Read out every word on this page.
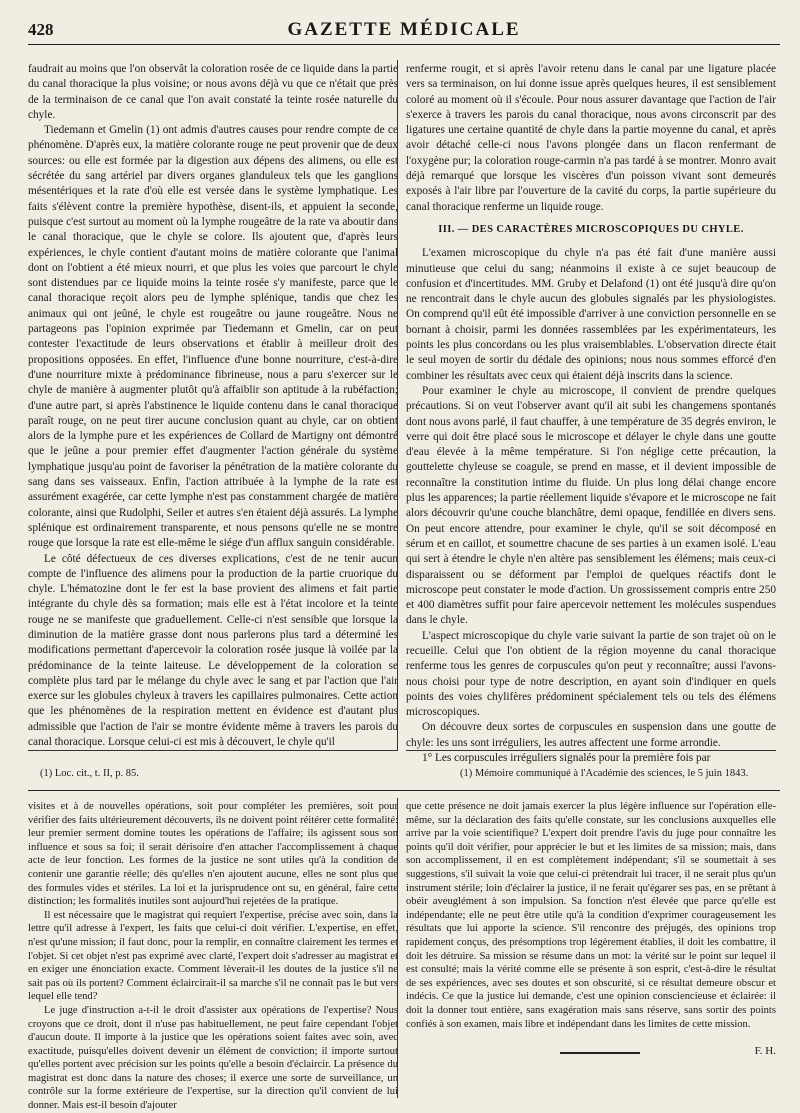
428	GAZETTE MÉDICALE

faudrait au moins que l'on observât la coloration rosée de ce liquide dans la partie du canal thoracique la plus voisine; or nous avons déjà vu que ce n'était que près de la terminaison de ce canal que l'on avait constaté la teinte rosée naturelle du chyle.

Tiedemann et Gmelin (1) ont admis d'autres causes pour rendre compte de ce phénomène. D'après eux, la matière colorante rouge ne peut provenir que de deux sources: ou elle est formée par la digestion aux dépens des alimens, ou elle est sécrétée du sang artériel par divers organes glanduleux tels que les ganglions mésentériques et la rate d'où elle est versée dans le système lymphatique. Les faits s'élèvent contre la première hypothèse, disent-ils, et appuient la seconde, puisque c'est surtout au moment où la lymphe rougeâtre de la rate va aboutir dans le canal thoracique, que le chyle se colore. Ils ajoutent que, d'après leurs expériences, le chyle contient d'autant moins de matière colorante que l'animal dont on l'obtient a été mieux nourri, et que plus les voies que parcourt le chyle sont distendues par ce liquide moins la teinte rosée s'y manifeste, parce que le canal thoracique reçoit alors peu de lymphe splénique, tandis que chez les animaux qui ont jeûné, le chyle est rougeâtre ou jaune rougeâtre. Nous ne partageons pas l'opinion exprimée par Tiedemann et Gmelin, car on peut contester l'exactitude de leurs observations et établir à meilleur droit des propositions opposées. En effet, l'influence d'une bonne nourriture, c'est-à-dire d'une nourriture mixte à prédominance fibrineuse, nous a paru s'exercer sur le chyle de manière à augmenter plutôt qu'à affaiblir son aptitude à la rubéfaction; d'une autre part, si après l'abstinence le liquide contenu dans le canal thoracique paraît rouge, on ne peut tirer aucune conclusion quant au chyle, car on obtient alors de la lymphe pure et les expériences de Collard de Martigny ont démontré que le jeûne a pour premier effet d'augmenter l'action générale du système lymphatique jusqu'au point de favoriser la pénétration de la matière colorante du sang dans ses vaisseaux. Enfin, l'action attribuée à la lymphe de la rate est assurément exagérée, car cette lymphe n'est pas constamment chargée de matière colorante, ainsi que Rudolphi, Seiler et autres s'en étaient déjà assurés. La lymphe splénique est ordinairement transparente, et nous pensons qu'elle ne se montre rouge que lorsque la rate est elle-même le siége d'un afflux sanguin considérable.

Le côté défectueux de ces diverses explications, c'est de ne tenir aucun compte de l'influence des alimens pour la production de la partie cruorique du chyle. L'hématozine dont le fer est la base provient des alimens et fait partie intégrante du chyle dès sa formation; mais elle est à l'état incolore et la teinte rouge ne se manifeste que graduellement. Celle-ci n'est sensible que lorsque la diminution de la matière grasse dont nous parlerons plus tard a déterminé les modifications permettant d'apercevoir la coloration rosée jusque là voilée par la prédominance de la teinte laiteuse. Le développement de la coloration se complète plus tard par le mélange du chyle avec le sang et par l'action que l'air exerce sur les globules chyleux à travers les capillaires pulmonaires. Cette action que les phénomènes de la respiration mettent en évidence est d'autant plus admissible que l'action de l'air se montre évidente même à travers les parois du canal thoracique. Lorsque celui-ci est mis à découvert, le chyle qu'il

renferme rougit, et si après l'avoir retenu dans le canal par une ligature placée vers sa terminaison, on lui donne issue après quelques heures, il est sensiblement coloré au moment où il s'écoule. Pour nous assurer davantage que l'action de l'air s'exerce à travers les parois du canal thoracique, nous avons circonscrit par des ligatures une certaine quantité de chyle dans la partie moyenne du canal, et après avoir détaché celle-ci nous l'avons plongée dans un flacon renfermant de l'oxygène pur; la coloration rouge-carmin n'a pas tardé à se montrer. Monro avait déjà remarqué que lorsque les viscères d'un poisson vivant sont demeurés exposés à l'air libre par l'ouverture de la cavité du corps, la partie supérieure du canal thoracique renferme un liquide rouge.

III. — DES CARACTÈRES MICROSCOPIQUES DU CHYLE.

L'examen microscopique du chyle n'a pas été fait d'une manière aussi minutieuse que celui du sang; néanmoins il existe à ce sujet beaucoup de confusion et d'incertitudes. MM. Gruby et Delafond (1) ont été jusqu'à dire qu'on ne rencontrait dans le chyle aucun des globules signalés par les physiologistes. On comprend qu'il eût été impossible d'arriver à une conviction personnelle en se bornant à choisir, parmi les données rassemblées par les expérimentateurs, les points les plus concordans ou les plus vraisemblables. L'observation directe était le seul moyen de sortir du dédale des opinions; nous nous sommes efforcé d'en combiner les résultats avec ceux qui étaient déjà inscrits dans la science.

Pour examiner le chyle au microscope, il convient de prendre quelques précautions. Si on veut l'observer avant qu'il ait subi les changemens spontanés dont nous avons parlé, il faut chauffer, à une température de 35 degrés environ, le verre qui doit être placé sous le microscope et délayer le chyle dans une goutte d'eau élevée à la même température. Si l'on néglige cette précaution, la gouttelette chyleuse se coagule, se prend en masse, et il devient impossible de reconnaître la constitution intime du fluide. Un plus long délai change encore plus les apparences; la partie réellement liquide s'évapore et le microscope ne fait alors découvrir qu'une couche blanchâtre, demi opaque, fendillée en divers sens. On peut encore attendre, pour examiner le chyle, qu'il se soit décomposé en sérum et en caillot, et soumettre chacune de ses parties à un examen isolé. L'eau qui sert à étendre le chyle n'en altère pas sensiblement les élémens; mais ceux-ci disparaissent ou se déforment par l'emploi de quelques réactifs dont le microscope peut constater le mode d'action. Un grossissement compris entre 250 et 400 diamètres suffit pour faire apercevoir nettement les molécules suspendues dans le chyle.

L'aspect microscopique du chyle varie suivant la partie de son trajet où on le recueille. Celui que l'on obtient de la région moyenne du canal thoracique renferme tous les genres de corpuscules qu'on peut y reconnaître; aussi l'avons-nous choisi pour type de notre description, en ayant soin d'indiquer en quels points des voies chylifères prédominent spécialement tels ou tels des élémens microscopiques.

On découvre deux sortes de corpuscules en suspension dans une goutte de chyle: les uns sont irréguliers, les autres affectent une forme arrondie.

1° Les corpuscules irréguliers signalés pour la première fois par

(1) Loc. cit., t. II, p. 85.	(1) Mémoire communiqué à l'Académie des sciences, le 5 juin 1843.

visites et à de nouvelles opérations, soit pour compléter les premières, soit pour vérifier des faits ultérieurement découverts, ils ne doivent point réitérer cette formalité: leur premier serment domine toutes les opérations de l'affaire; ils agissent sous son influence et sous sa foi; il serait dérisoire d'en attacher l'accomplissement à chaque acte de leur fonction. Les formes de la justice ne sont utiles qu'à la condition de contenir une garantie réelle; dès qu'elles n'en ajoutent aucune, elles ne sont plus que des formules vides et stériles. La loi et la jurisprudence ont su, en général, faire cette distinction; les formalités inutiles sont aujourd'hui rejetées de la pratique.

Il est nécessaire que le magistrat qui requiert l'expertise, précise avec soin, dans la lettre qu'il adresse à l'expert, les faits que celui-ci doit vérifier. L'expertise, en effet, n'est qu'une mission; il faut donc, pour la remplir, en connaître clairement les termes et l'objet. Si cet objet n'est pas exprimé avec clarté, l'expert doit s'adresser au magistrat et en exiger une énonciation exacte. Comment lèverait-il les doutes de la justice s'il ne sait pas où ils portent? Comment éclaircirait-il sa marche s'il ne connaît pas le but vers lequel elle tend?

Le juge d'instruction a-t-il le droit d'assister aux opérations de l'expertise? Nous croyons que ce droit, dont il n'use pas habituellement, ne peut faire cependant l'objet d'aucun doute. Il importe à la justice que les opérations soient faites avec soin, avec exactitude, puisqu'elles doivent devenir un élément de conviction; il importe surtout qu'elles portent avec précision sur les points qu'elle a besoin d'éclaircir. La présence du magistrat est donc dans la nature des choses; il exerce une sorte de surveillance, un contrôle sur la forme extérieure de l'expertise, sur la direction qu'il convient de lui donner. Mais est-il besoin d'ajouter

que cette présence ne doit jamais exercer la plus légère influence sur l'opération elle-même, sur la déclaration des faits qu'elle constate, sur les conclusions auxquelles elle arrive par la voie scientifique? L'expert doit prendre l'avis du juge pour connaître les points qu'il doit vérifier, pour apprécier le but et les limites de sa mission; mais, dans son accomplissement, il en est complètement indépendant; s'il se soumettait à ses suggestions, s'il suivait la voie que celui-ci prétendrait lui tracer, il ne serait plus qu'un instrument stérile; loin d'éclairer la justice, il ne ferait qu'égarer ses pas, en se prêtant à obéir aveuglément à son impulsion. Sa fonction n'est élevée que parce qu'elle est indépendante; elle ne peut être utile qu'à la condition d'exprimer courageusement les résultats que lui apporte la science. S'il rencontre des préjugés, des opinions trop rapidement conçus, des présomptions trop légèrement établies, il doit les combattre, il doit les détruire. Sa mission se résume dans un mot: la vérité sur le point sur lequel il est consulté; mais la vérité comme elle se présente à son esprit, c'est-à-dire le résultat de ses expériences, avec ses doutes et son obscurité, si ce résultat demeure obscur et indécis. Ce que la justice lui demande, c'est une opinion consciencieuse et éclairée: il doit la donner tout entière, sans exagération mais sans réserve, sans sortir des points confiés à son examen, mais libre et indépendant dans les limites de cette mission.

F. H.
